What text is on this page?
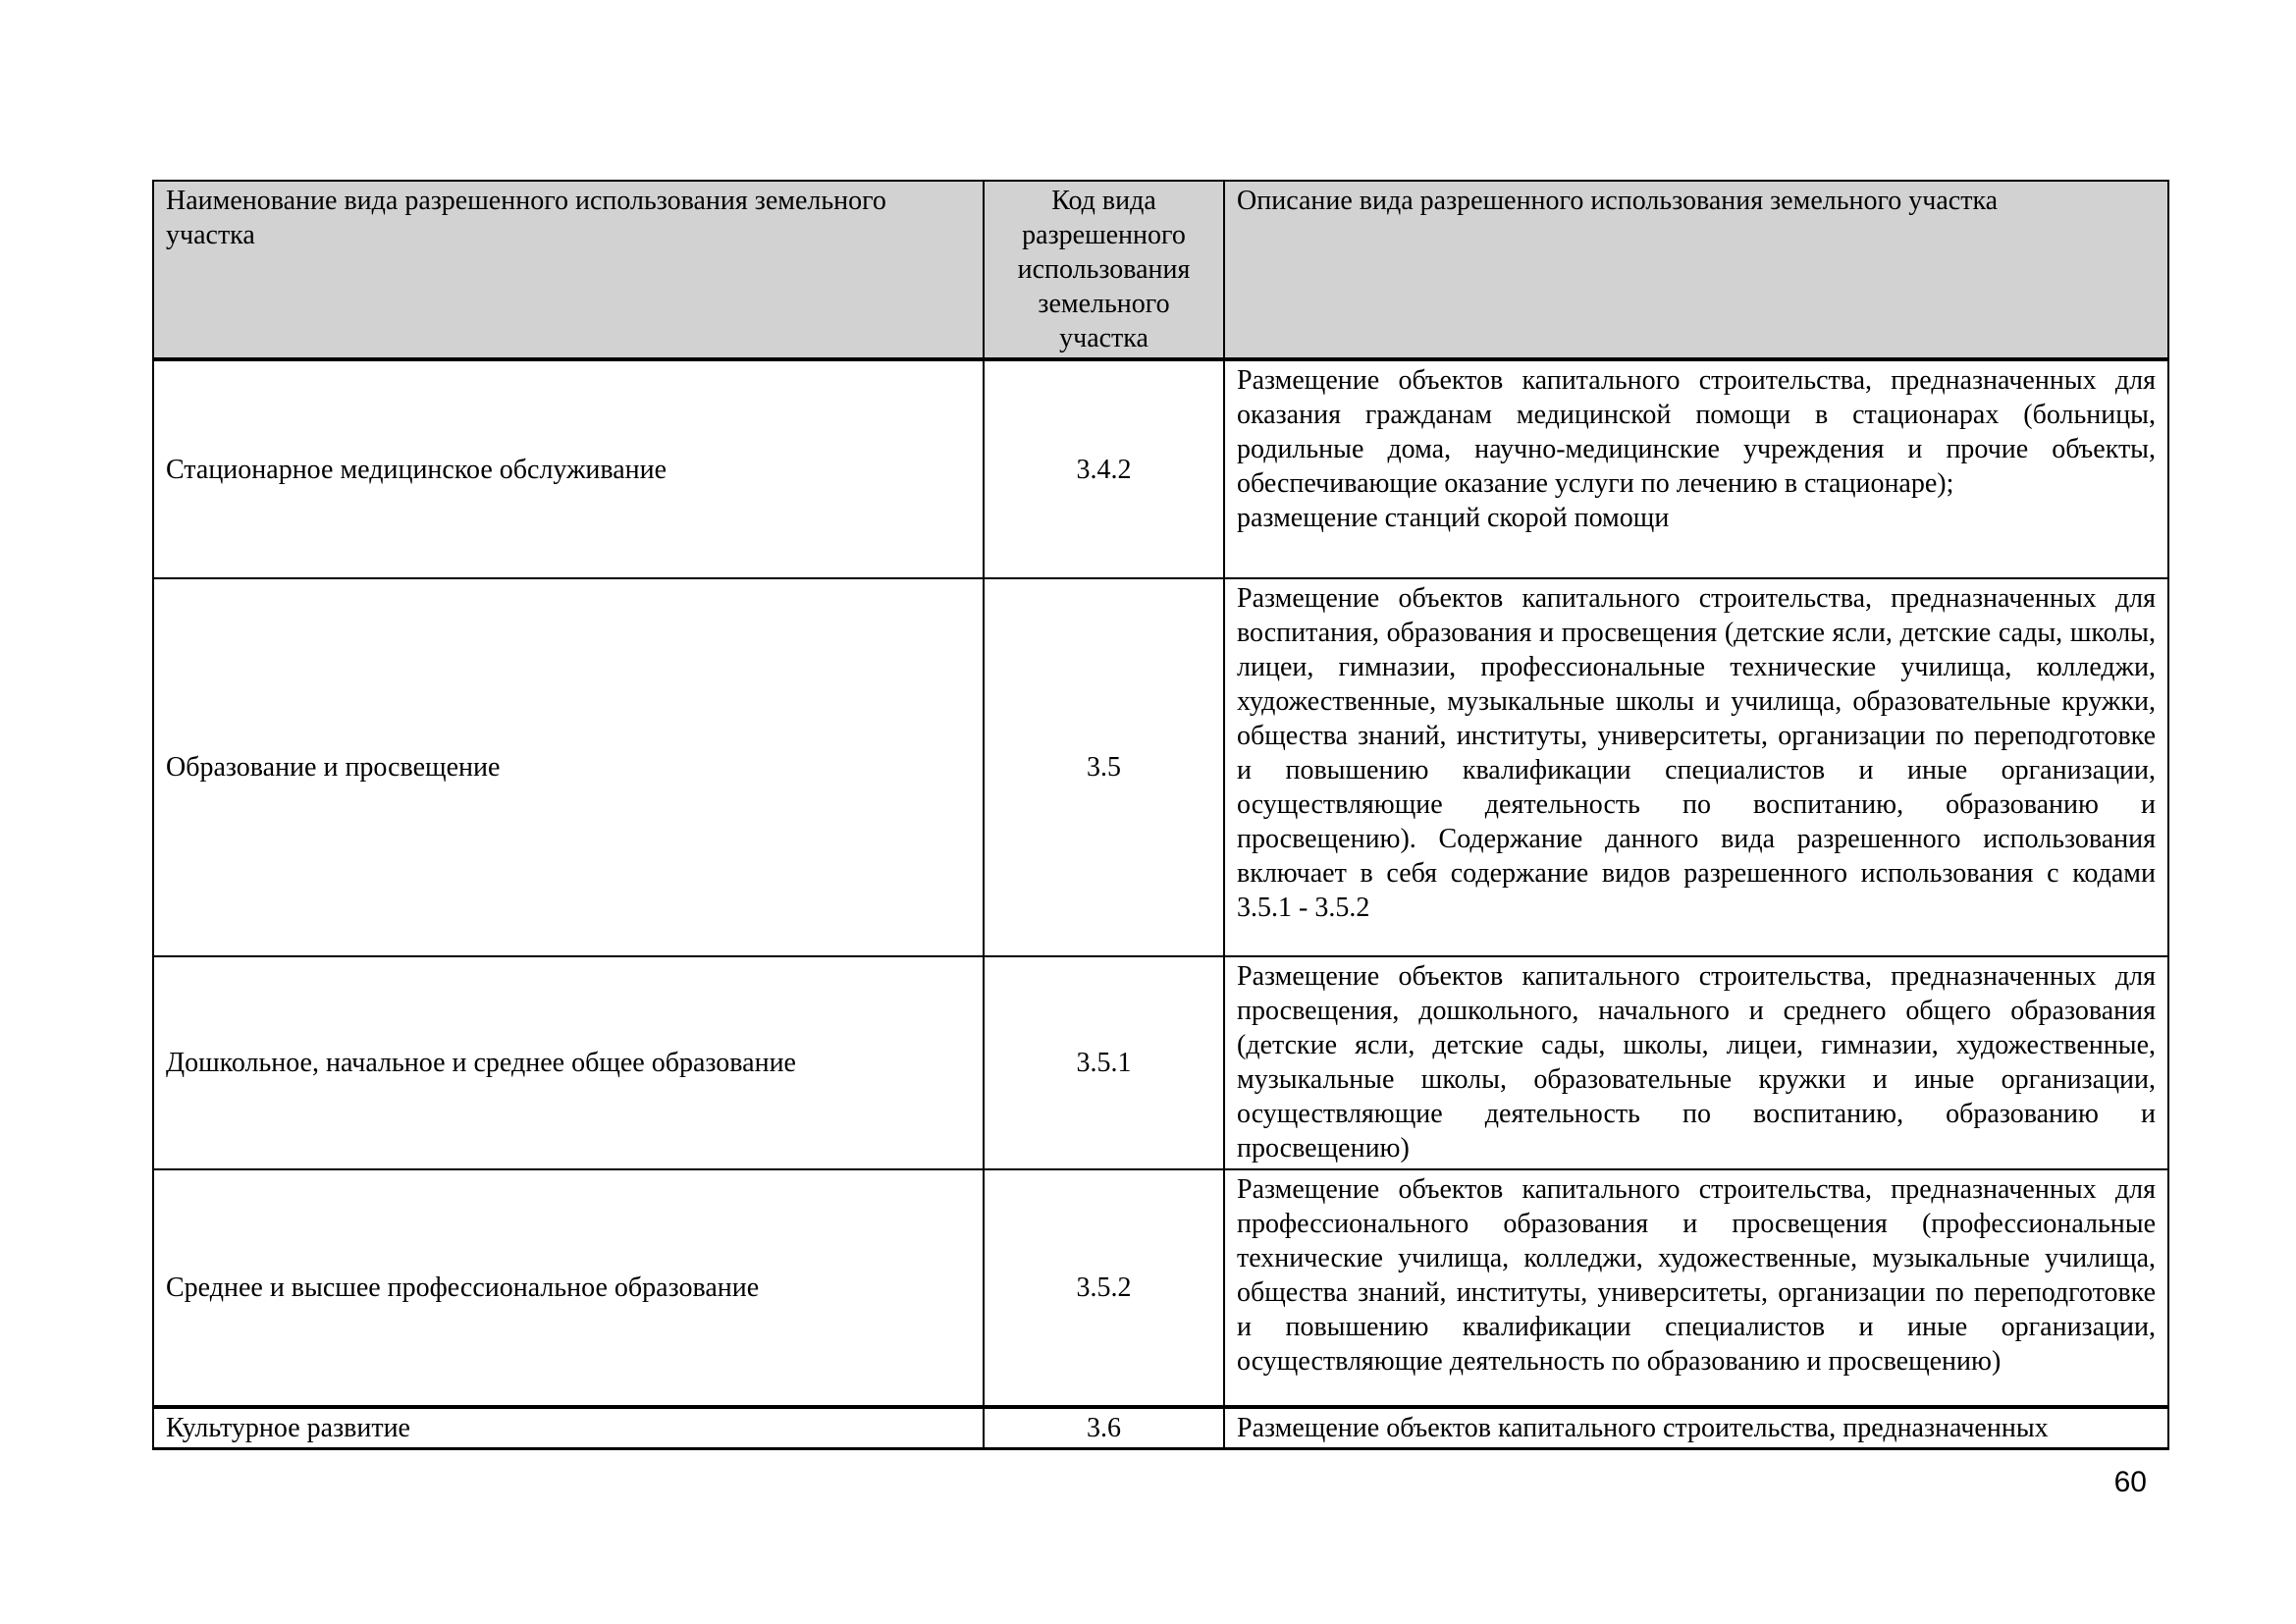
Наименование вида разрешенного использования земельного участка	Код вида разрешенного использования земельного участка	Описание вида разрешенного использования земельного участка
Стационарное медицинское обслуживание	3.4.2	Размещение объектов капитального строительства, предназначенных для оказания гражданам медицинской помощи в стационарах (больницы, родильные дома, научно-медицинские учреждения и прочие объекты, обеспечивающие оказание услуги по лечению в стационаре);
размещение станций скорой помощи

Образование и просвещение	3.5	Размещение объектов капитального строительства, предназначенных для воспитания, образования и просвещения (детские ясли, детские сады, школы, лицеи, гимназии, профессиональные технические училища, колледжи, художественные, музыкальные школы и училища, образовательные кружки, общества знаний, институты, университеты, организации по переподготовке и повышению квалификации специалистов и иные организации, осуществляющие деятельность по воспитанию, образованию и просвещению). Содержание данного вида разрешенного использования включает в себя содержание видов разрешенного использования с кодами 3.5.1 - 3.5.2

Дошкольное, начальное и среднее общее образование	3.5.1	Размещение объектов капитального строительства, предназначенных для просвещения, дошкольного, начального и среднего общего образования (детские ясли, детские сады, школы, лицеи, гимназии, художественные, музыкальные школы, образовательные кружки и иные организации, осуществляющие деятельность по воспитанию, образованию и просвещению)

Среднее и высшее профессиональное образование	3.5.2	Размещение объектов капитального строительства, предназначенных для профессионального образования и просвещения (профессиональные технические училища, колледжи, художественные, музыкальные училища, общества знаний, институты, университеты, организации по переподготовке и повышению квалификации специалистов и иные организации, осуществляющие деятельность по образованию и просвещению)

Культурное развитие	3.6	Размещение объектов капитального строительства, предназначенных
60
